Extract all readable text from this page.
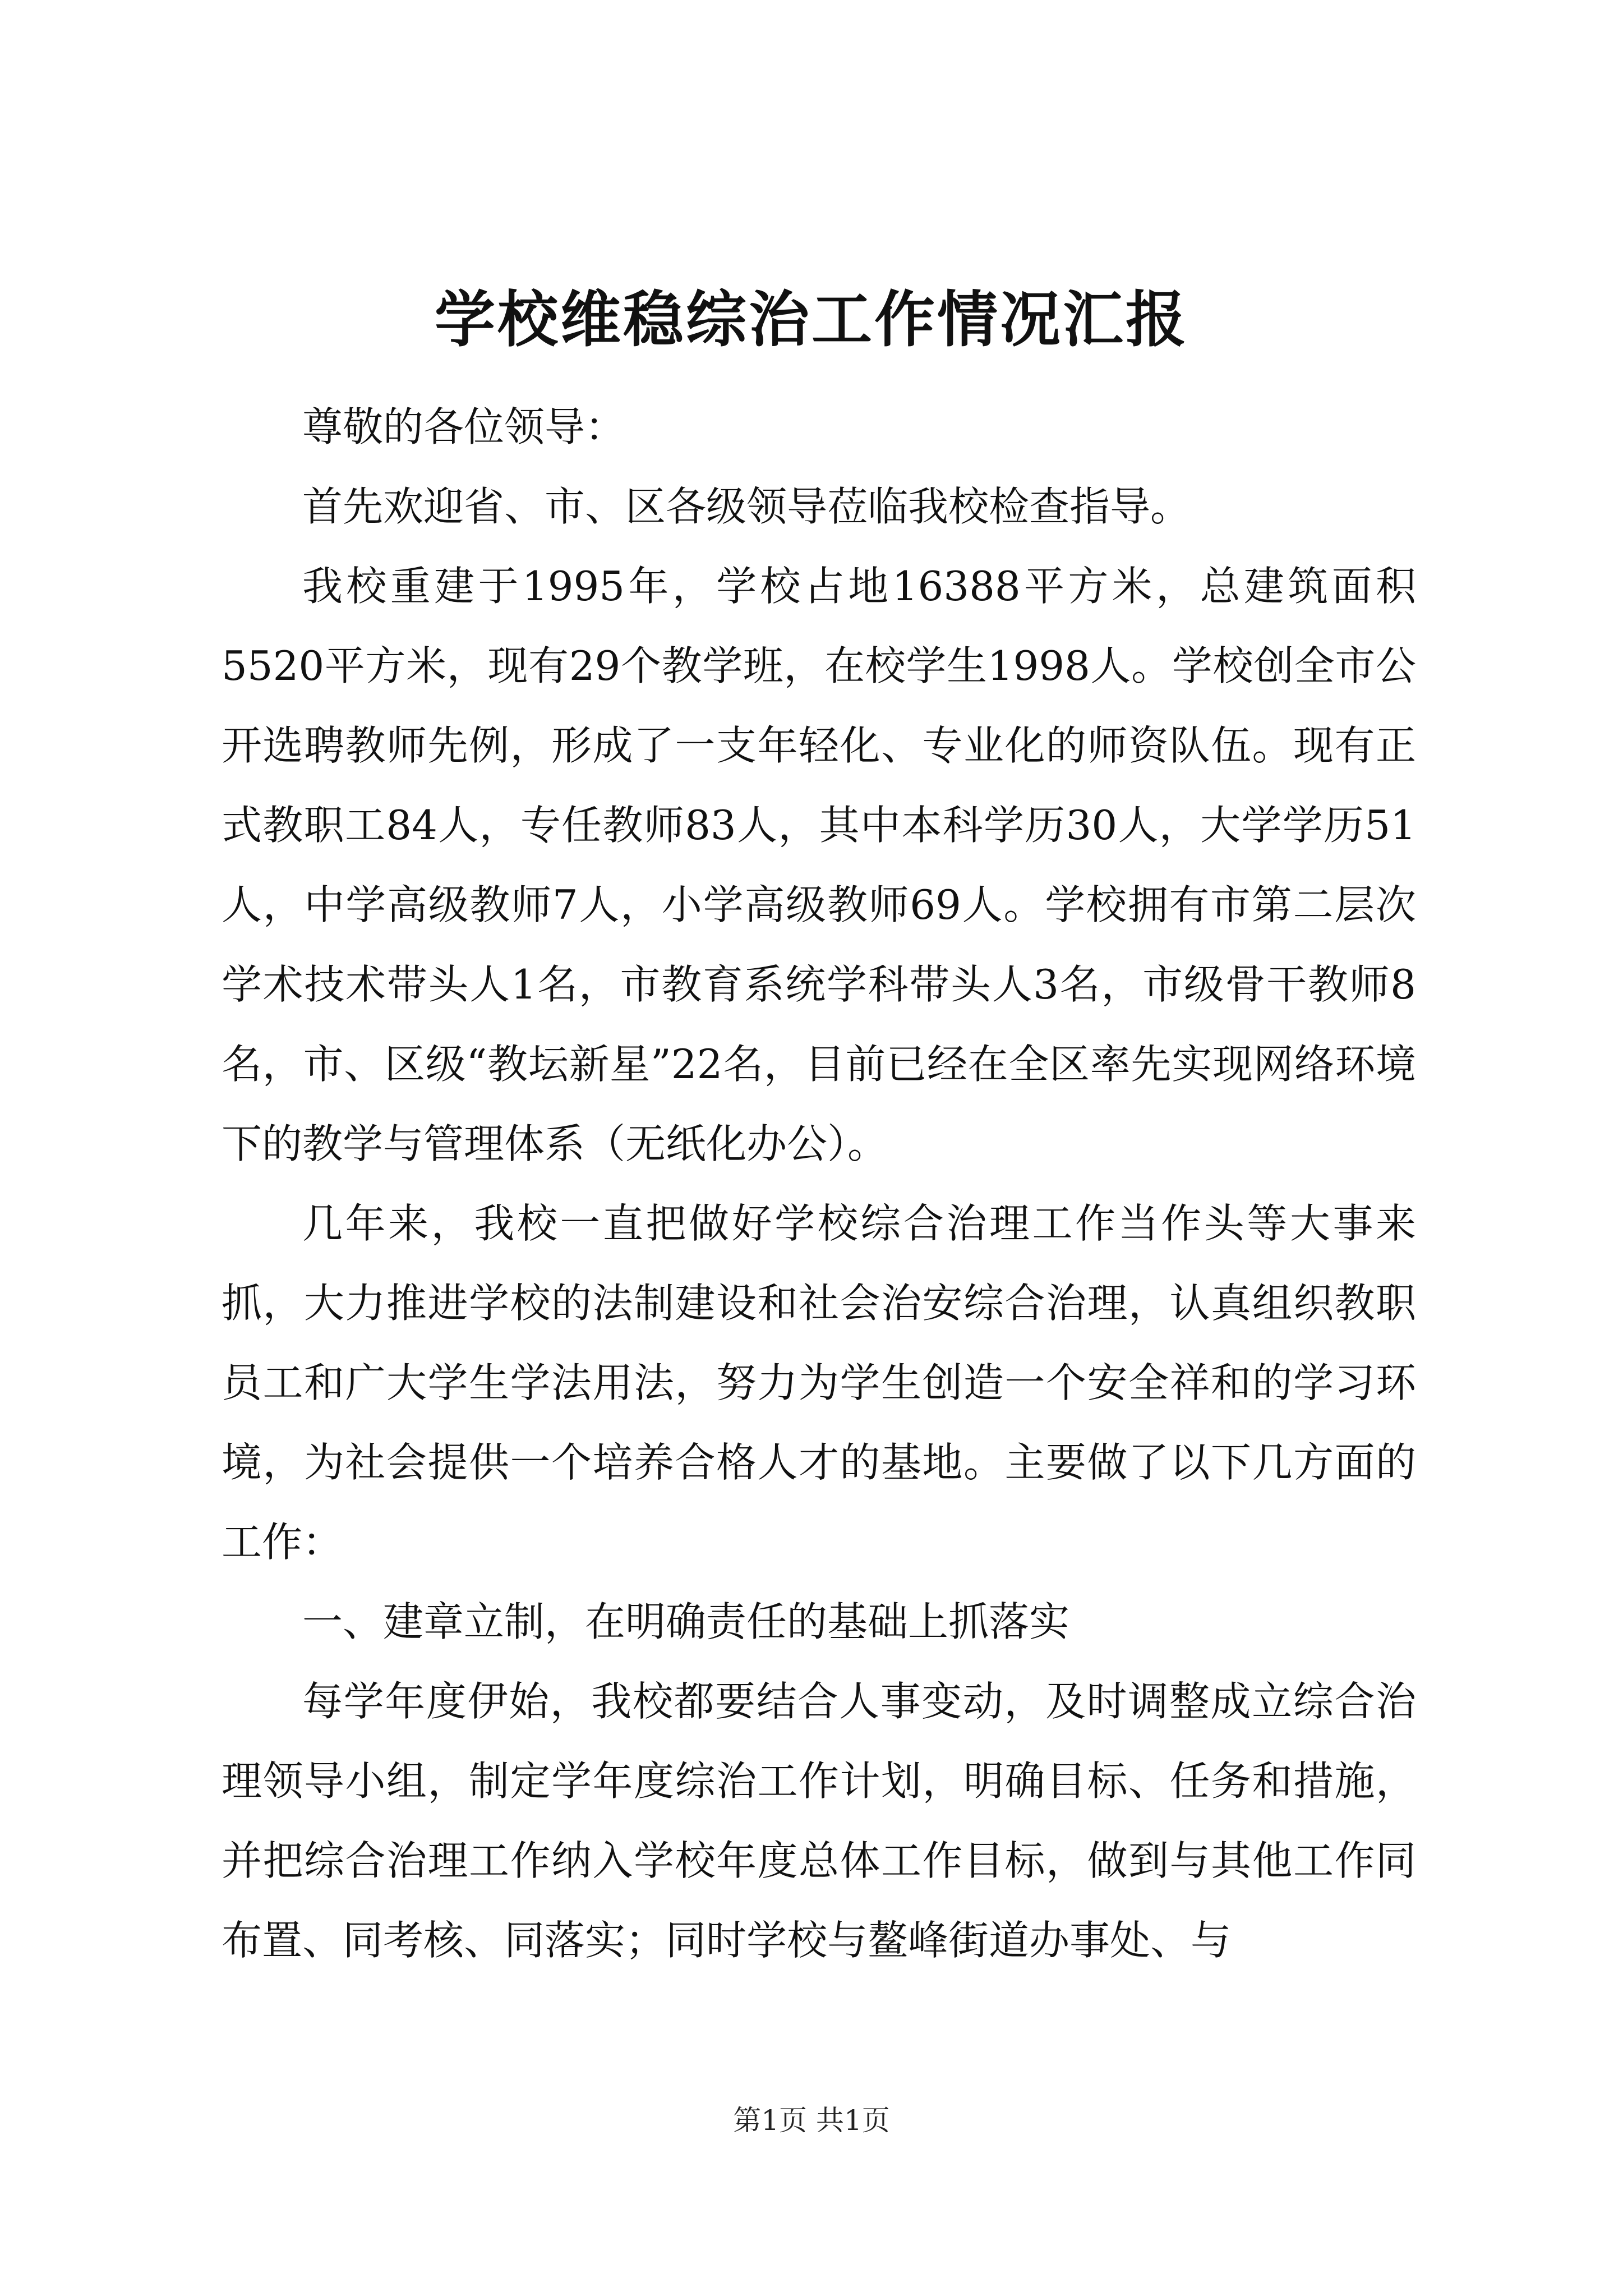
学校维稳综治工作情况汇报

尊敬的各位领导：

首先欢迎省、市、区各级领导莅临我校检查指导。

我校重建于1995年，学校占地16388平方米，总建筑面积5520平方米，现有29个教学班，在校学生1998人。学校创全市公开选聘教师先例，形成了一支年轻化、专业化的师资队伍。现有正式教职工84人，专任教师83人，其中本科学历30人，大学学历51人，中学高级教师7人，小学高级教师69人。学校拥有市第二层次学术技术带头人1名，市教育系统学科带头人3名，市级骨干教师8名，市、区级“教坛新星”22名，目前已经在全区率先实现网络环境下的教学与管理体系（无纸化办公）。

几年来，我校一直把做好学校综合治理工作当作头等大事来抓，大力推进学校的法制建设和社会治安综合治理，认真组织教职员工和广大学生学法用法，努力为学生创造一个安全祥和的学习环境，为社会提供一个培养合格人才的基地。主要做了以下几方面的工作：

一、建章立制，在明确责任的基础上抓落实

每学年度伊始，我校都要结合人事变动，及时调整成立综合治理领导小组，制定学年度综治工作计划，明确目标、任务和措施，并把综合治理工作纳入学校年度总体工作目标，做到与其他工作同布置、同考核、同落实；同时学校与鳌峰街道办事处、与

第1页 共1页
